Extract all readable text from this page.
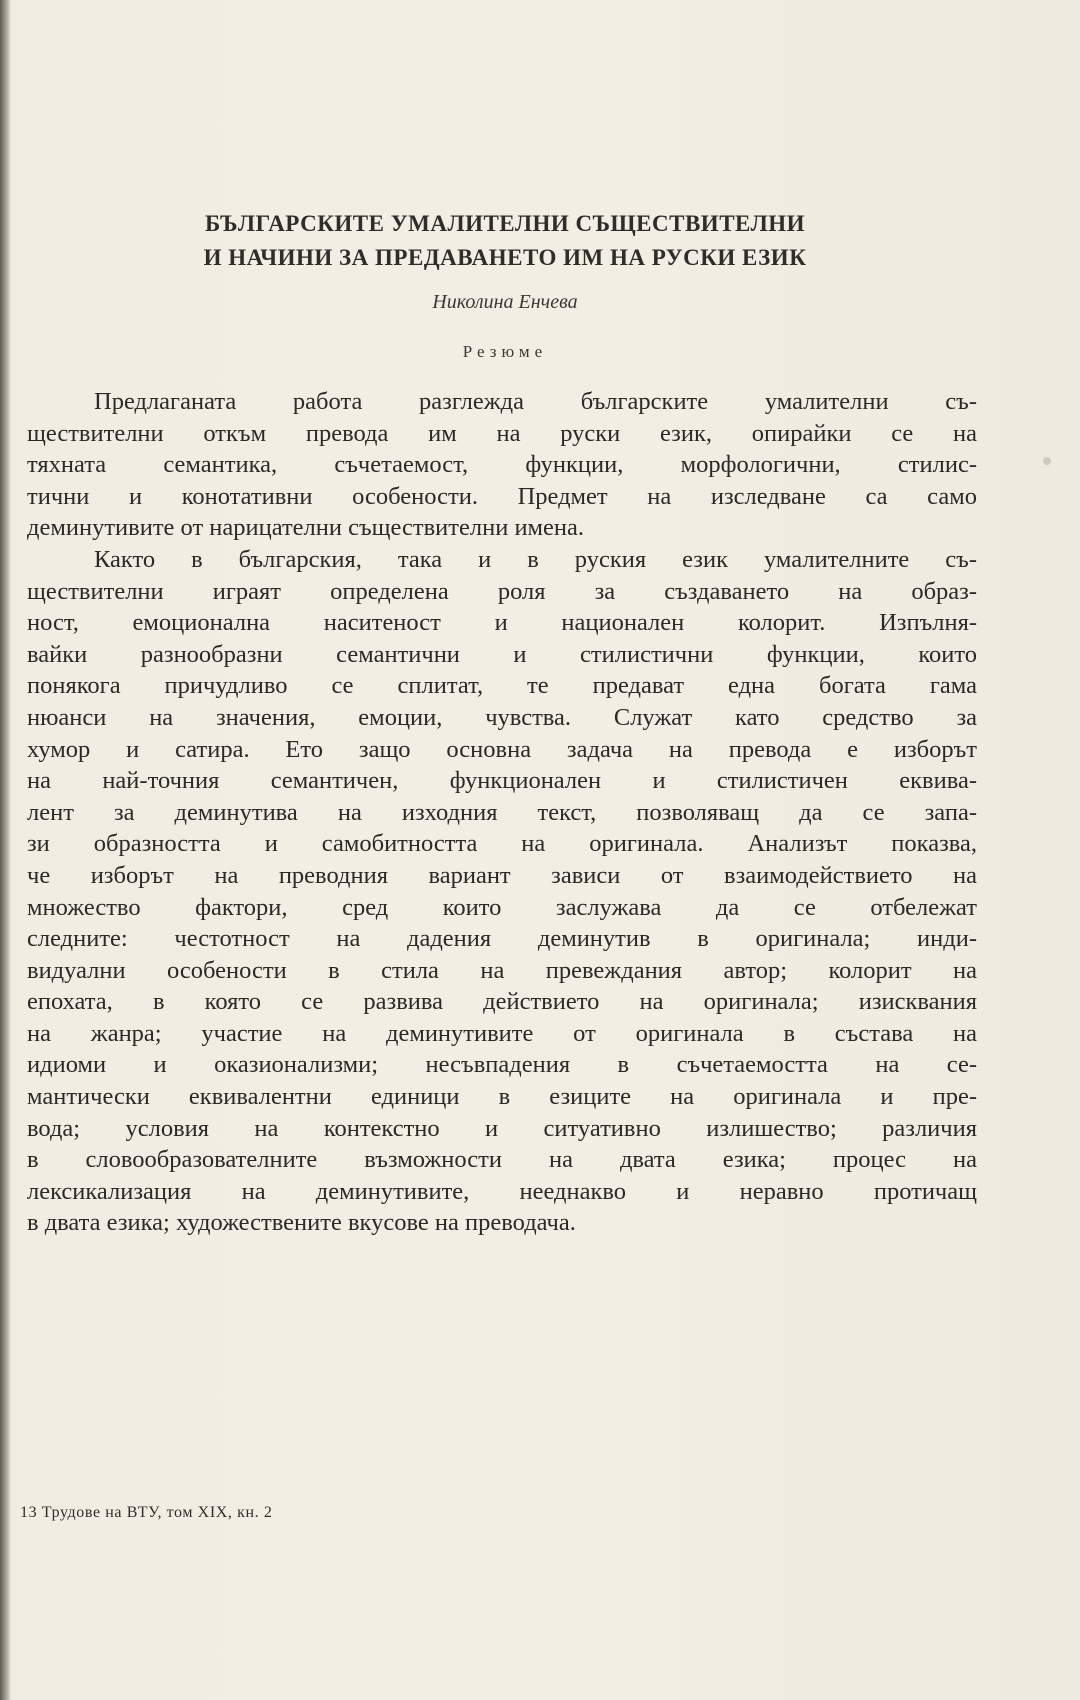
БЪЛГАРСКИТЕ УМАЛИТЕЛНИ СЪЩЕСТВИТЕЛНИ
И НАЧИНИ ЗА ПРЕДАВАНЕТО ИМ НА РУСКИ ЕЗИК
Николина Енчева
Резюме
Предлаганата работа разглежда българските умалителни съ-
ществителни откъм превода им на руски език, опирайки се на
тяхната семантика, съчетаемост, функции, морфологични, стилис-
тични и конотативни особености. Предмет на изследване са само
деминутивите от нарицателни съществителни имена.
Както в българския, така и в руския език умалителните съ-
ществителни играят определена роля за създаването на образ-
ност, емоционална наситеност и национален колорит. Изпълня-
вайки разнообразни семантични и стилистични функции, които
понякога причудливо се сплитат, те предават една богата гама
нюанси на значения, емоции, чувства. Служат като средство за
хумор и сатира. Ето защо основна задача на превода е изборът
на най-точния семантичен, функционален и стилистичен еквива-
лент за деминутива на изходния текст, позволяващ да се запа-
зи образността и самобитността на оригинала. Анализът показва,
че изборът на преводния вариант зависи от взаимодействието на
множество фактори, сред които заслужава да се отбележат
следните: честотност на дадения деминутив в оригинала; инди-
видуални особености в стила на превеждания автор; колорит на
епохата, в която се развива действието на оригинала; изисквания
на жанра; участие на деминутивите от оригинала в състава на
идиоми и оказионализми; несъвпадения в съчетаемостта на се-
мантически еквивалентни единици в езиците на оригинала и пре-
вода; условия на контекстно и ситуативно излишество; различия
в словообразователните възможности на двата езика; процес на
лексикализация на деминутивите, нееднакво и неравно протичащ
в двата езика; художествените вкусове на преводача.
13 Трудове на ВТУ, том XIX, кн. 2
